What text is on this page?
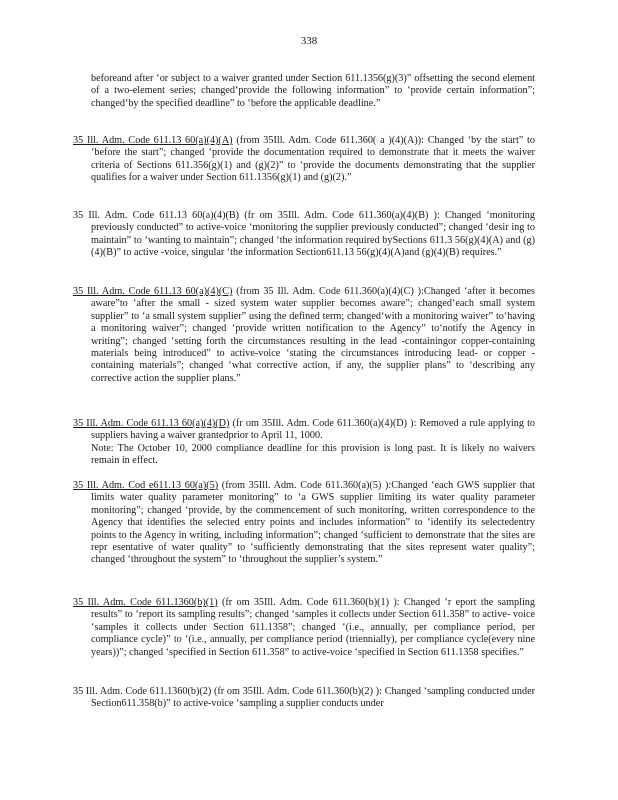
338
beforeand after ‘or subject to a waiver granted under Section 611.1356(g)(3)” offsetting the second element of a two-element series; changed‘provide the following information” to ‘provide certain information”; changed‘by the specified deadline” to ‘before the applicable deadline.”
35 Ill. Adm. Code 611.13 60(a)(4)(A) (from 35Ill. Adm. Code 611.360( a )(4)(A)): Changed ‘by the start” to ‘before the start”; changed ‘provide the documentation required to demonstrate that it meets the waiver criteria of Sections 611.356(g)(1) and (g)(2)” to ‘provide the documents demonstrating that the supplier qualifies for a waiver under Section 611.1356(g)(1) and (g)(2).”
35 Ill. Adm. Code 611.13 60(a)(4)(B) (fr om 35Ill. Adm. Code 611.360(a)(4)(B) ): Changed ‘monitoring previously conducted” to active-voice ‘monitoring the supplier previously conducted”; changed ‘desir ing to maintain” to ‘wanting to maintain”; changed ‘the information required bySections 611.3 56(g)(4)(A) and (g)(4)(B)” to active -voice, singular ‘the information Section611.13 56(g)(4)(A)and (g)(4)(B) requires.”
35 Ill. Adm. Code 611.13 60(a)(4)(C) (from 35 Ill. Adm. Code 611.360(a)(4)(C) ):Changed ‘after it becomes aware”to ‘after the small - sized system water supplier becomes aware”; changed‘each small system supplier” to ‘a small system supplier” using the defined term; changed‘with a monitoring waiver” to‘having a monitoring waiver”; changed ‘provide written notification to the Agency” to‘notify the Agency in writing”; changed ‘setting forth the circumstances resulting in the lead -containingor copper-containing materials being introduced” to active-voice ‘stating the circumstances introducing lead- or copper -containing materials”; changed ‘what corrective action, if any, the supplier plans” to ‘describing any corrective action the supplier plans.”
35 Ill. Adm. Code 611.13 60(a)(4)(D) (fr om 35Ill. Adm. Code 611.360(a)(4)(D) ): Removed a rule applying to suppliers having a waiver grantedprior to April 11, 1000.
Note: The October 10, 2000 compliance deadline for this provision is long past. It is likely no waivers remain in effect.
35 Ill. Adm. Cod e611.13 60(a)(5) (from 35Ill. Adm. Code 611.360(a)(5) ):Changed ‘each GWS supplier that limits water quality parameter monitoring” to ‘a GWS supplier limiting its water quality parameter monitoring”; changed ‘provide, by the commencement of such monitoring, written correspondence to the Agency that identifies the selected entry points and includes information” to ‘identify its selectedentry points to the Agency in writing, including information”; changed ‘sufficient to demonstrate that the sites are repr esentative of water quality” to ‘sufficiently demonstrating that the sites represent water quality”; changed ‘throughout the system” to ‘throughout the supplier’s system.”
35 Ill. Adm. Code 611.1360(b)(1) (fr om 35Ill. Adm. Code 611.360(b)(1) ): Changed ‘r eport the sampling results” to ‘report its sampling results”; changed ‘samples it collects under Section 611.358” to active- voice ‘samples it collects under Section 611.1358”; changed ‘(i.e., annually, per compliance period, per compliance cycle)” to ‘(i.e., annually, per compliance period (triennially), per compliance cycle(every nine years))”; changed ‘specified in Section 611.358” to active-voice ‘specified in Section 611.1358 specifies.”
35 Ill. Adm. Code 611.1360(b)(2) (fr om 35Ill. Adm. Code 611.360(b)(2) ): Changed ‘sampling conducted under Section611.358(b)” to active-voice ‘sampling a supplier conducts under
